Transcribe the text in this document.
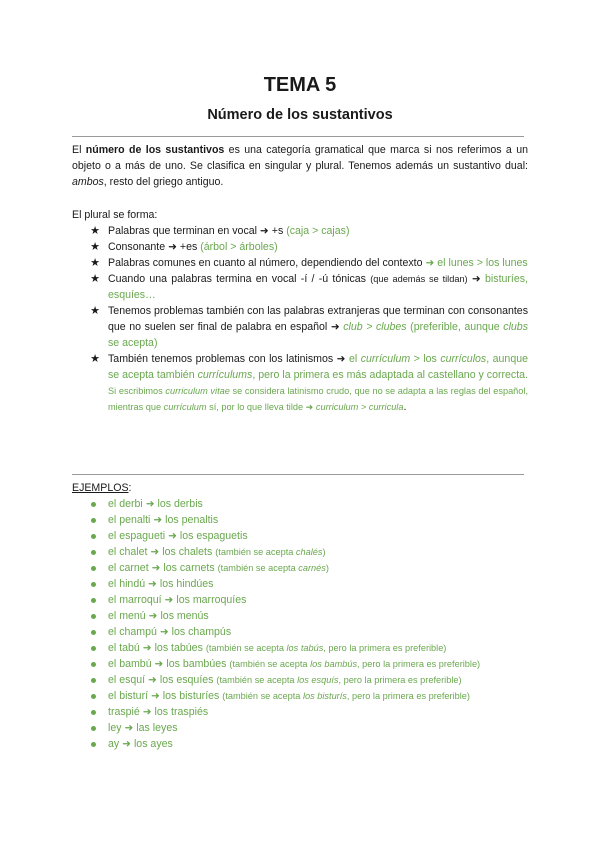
TEMA 5
Número de los sustantivos
El número de los sustantivos es una categoría gramatical que marca si nos referimos a un objeto o a más de uno. Se clasifica en singular y plural. Tenemos además un sustantivo dual: ambos, resto del griego antiguo.
El plural se forma:
★ Palabras que terminan en vocal ➜ +s (caja > cajas)
★ Consonante ➜ +es (árbol > árboles)
★ Palabras comunes en cuanto al número, dependiendo del contexto ➜ el lunes > los lunes
★ Cuando una palabras termina en vocal -í / -ú tónicas (que además se tildan) ➜ bisturíes, esquíes…
★ Tenemos problemas también con las palabras extranjeras que terminan con consonantes que no suelen ser final de palabra en español ➜ club > clubes (preferible, aunque clubs se acepta)
★ También tenemos problemas con los latinismos ➜ el currículum > los currículos, aunque se acepta también currículums, pero la primera es más adaptada al castellano y correcta. Si escribimos curriculum vitae se considera latinismo crudo, que no se adapta a las reglas del español, mientras que currículum sí, por lo que lleva tilde ➜ curriculum > curricula.
EJEMPLOS:
el derbi ➜ los derbis
el penalti ➜ los penaltis
el espagueti ➜ los espaguetis
el chalet ➜ los chalets (también se acepta chalés)
el carnet ➜ los carnets (también se acepta carnés)
el hindú ➜ los hindúes
el marroquí ➜ los marroquíes
el menú ➜ los menús
el champú ➜ los champús
el tabú ➜ los tabúes (también se acepta los tabús, pero la primera es preferible)
el bambú ➜ los bambúes (también se acepta los bambús, pero la primera es preferible)
el esquí ➜ los esquíes (también se acepta los esquís, pero la primera es preferible)
el bisturí ➜ los bisturíes (también se acepta los bisturís, pero la primera es preferible)
traspié ➜ los traspiés
ley ➜ las leyes
ay ➜ los ayes
